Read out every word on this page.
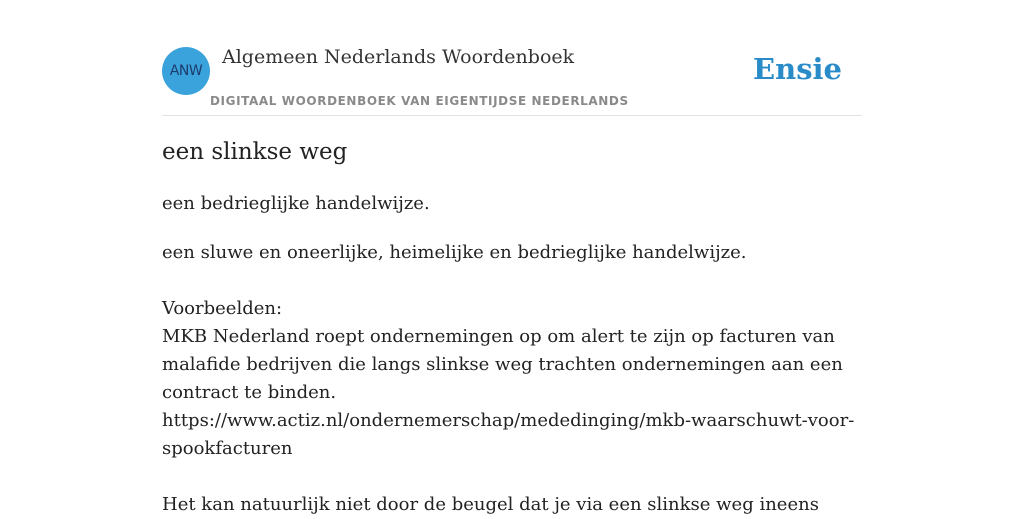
ANW
Algemeen Nederlands Woordenboek
DIGITAAL WOORDENBOEK VAN EIGENTIJDSE NEDERLANDS
Ensie
een slinkse weg
een bedrieglijke handelwijze.

een sluwe en oneerlijke, heimelijke en bedrieglijke handelwijze.

Voorbeelden:

MKB Nederland roept ondernemingen op om alert te zijn op facturen van malafide bedrijven die langs slinkse weg trachten ondernemingen aan een contract te binden.

https://www.actiz.nl/ondernemerschap/mededinging/mkb-waarschuwt-voor-spookfacturen

Het kan natuurlijk niet door de beugel dat je via een slinkse weg ineens
